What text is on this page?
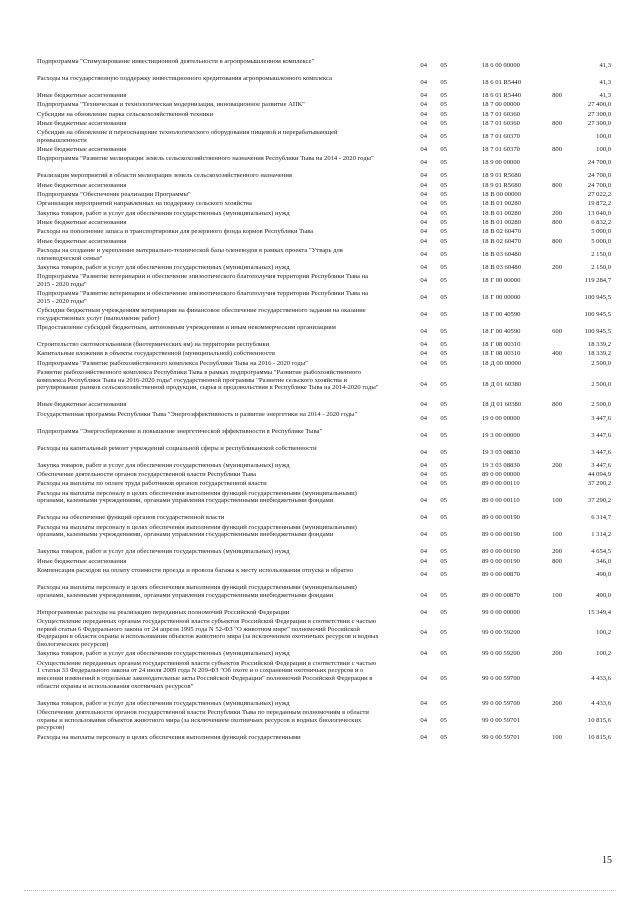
Подпрограмма "Стимулирование инвестиционной деятельности в агропромышленном комплексе"
04	05	18 6 00 00000	41,3
Расходы на государственную поддержку инвестиционного кредитования агропромышленного комплекса
04	05	18 6 01 R5440	41,3
Иные бюджетные ассигнования	04	05	18 6 01 R5440	800	41,3
Подпрограмма "Техническая и технологическая модернизация, инновационное развитие АПК"	04	05	18 7 00 00000	27 400,0
Субсидии на обновление парка сельскохозяйственной техники	04	05	18 7 01 60360	27 300,0
Иные бюджетные ассигнования	04	05	18 7 01 60360	800	27 300,0
Субсидии на обновление и переоснащение технологического оборудования пищевой и перерабатывающей промышленности
04	05	18 7 01 60370	100,0
Иные бюджетные ассигнования	04	05	18 7 01 60370	800	100,0
Подпрограмма "Развитие мелиорации земель сельскохозяйственного назначения Республики Тыва на 2014 - 2020 годы"
04	05	18 9 00 00000	24 700,0
Реализация мероприятий в области мелиорации земель сельскохозяйственного назначения	04	05	18 9 01 R5680	24 700,0
Иные бюджетные ассигнования	04	05	18 9 01 R5680	800	24 700,0
Подпрограмма "Обеспечение реализации Программы"	04	05	18 В 00 00000	27 022,2
Организация мероприятий направленных на поддержку сельского хозяйства	04	05	18 В 01 00280	19 872,2
Закупка товаров, работ и услуг для обеспечения государственных (муниципальных) нужд	04	05	18 В 01 00280	200	13 040,0
Иные бюджетные ассигнования	04	05	18 В 01 00280	800	6 832,2
Расходы на пополнение запаса и транспортировки для резервного фонда кормов Республики Тыва	04	05	18 В 02 60470	5 000,0
Иные бюджетные ассигнования	04	05	18 В 02 60470	800	5 000,0
Расходы на создание и укрепление материально-технической базы оленеводов в рамках проекта "Утварь для оленеводческой семьи"
04	05	18 В 03 60480	2 150,0
Закупка товаров, работ и услуг для обеспечения государственных (муниципальных) нужд	04	05	18 В 03 60480	200	2 150,0
Подпрограмма "Развитие ветеринарии и обеспечение эпизоотического благополучия территории Республики Тыва на 2015 - 2020 годы"
04	05	18 Г 00 00000	119 284,7
Подпрограмма "Развитие ветеринарии и обеспечение эпизоотического благополучия территории Республики Тыва на 2015 - 2020 годы"
04	05	18 Г 00 00000	100 945,5
Субсидии бюджетным учреждениям ветеринарии на финансовое обеспечение государственного задания на оказание государственных услуг (выполнение работ)
04	05	18 Г 00 40590	100 945,5
Предоставление субсидий бюджетным, автономным учреждениям и иным некоммерческим организациям
04	05	18 Г 00 40590	600	100 945,5
Строительство скотомогильников (биотермических ям) на территории республики	04	05	18 Г 08 00310	18 339,2
Капитальные вложения в объекты государственной (муниципальной) собственности	04	05	18 Г 08 00310	400	18 339,2
Подпрограмма "Развитие рыбохозяйственного комплекса Республики Тыва на 2016 - 2020 годы"	04	05	18 Д 00 00000	2 500,0
Развитие рыбохозяйственного комплекса Республики Тыва в рамках подпрограммы "Развитие рыбохозяйственного комплекса Республики Тыва на 2016-2020 годы" государственной программы "Развитие сельского хозяйства и регулирование рынков сельскохозяйственной продукции, сырья и продовольствия в Республике Тыва на 2014-2020 годы"
04	05	18 Д 01 60380	2 500,0
Иные бюджетные ассигнования	04	05	18 Д 01 60380	800	2 500,0
Государственная программа Республики Тыва "Энергоэффективность и развитие энергетики на 2014 - 2020 годы"
04	05	19 0 00 00000	3 447,6
Подпрограмма "Энергосбережение и повышение энергетической эффективности в Республике Тыва"
04	05	19 3 00 00000	3 447,6
Расходы на капитальный ремонт учреждений социальной сферы и республиканской собственности
04	05	19 3 03 08830	3 447,6
Закупка товаров, работ и услуг для обеспечения государственных (муниципальных) нужд	04	05	19 3 03 08830	200	3 447,6
Обеспечение деятельности органов государственной власти Республики Тыва	04	05	89 0 00 00000	44 094,9
Расходы на выплаты по оплате труда работников органов государственной власти	04	05	89 0 00 00110	37 290,2
Расходы на выплаты персоналу в целях обеспечения выполнения функций государственными (муниципальными) органами, казенными учреждениями, органами управления государственными внебюджетными фондами	04	05	89 0 00 00110	100	37 290,2
Расходы на обеспечение функций органов государственной власти	04	05	89 0 00 00190	6 314,7
Расходы на выплаты персоналу в целях обеспечения выполнения функций государственными (муниципальными) органами, казенными учреждениями, органами управления государственными внебюджетными фондами	04	05	89 0 00 00190	100	1 314,2
Закупка товаров, работ и услуг для обеспечения государственных (муниципальных) нужд	04	05	89 0 00 00190	200	4 654,5
Иные бюджетные ассигнования	04	05	89 0 00 00190	800	346,0
Компенсация расходов на оплату стоимости проезда и провоза багажа к месту использования отпуска и обратно
04	05	89 0 00 00870	490,0
Расходы на выплаты персоналу в целях обеспечения выполнения функций государственными (муниципальными) органами, казенными учреждениями, органами управления государственными внебюджетными фондами	04	05	89 0 00 00870	100	490,0
Непрограммные расходы на реализацию переданных полномочий Российской Федерации	04	05	99 0 00 00000	15 349,4
Осуществление переданных органам государственной власти субъектов Российской Федерации в соответствии с частью первой статьи 6 Федерального закона от 24 апреля 1995 года N 52-ФЗ "О животном мире" полномочий Российской Федерации в области охраны и использования объектов животного мира (за исключением охотничьих ресурсов и водных биологических ресурсов)
04	05	99 0 00 59200	100,2
Закупка товаров, работ и услуг для обеспечения государственных (муниципальных) нужд	04	05	99 0 00 59200	200	100,2
Осуществление переданных органам государственной власти субъектов Российской Федерации в соответствии с частью 1 статьи 33 Федерального закона от 24 июля 2009 года N 209-ФЗ "Об охоте и о сохранении охотничьих ресурсов и о внесении изменений в отдельные законодательные акты Российской Федерации" полномочий Российской Федерации в области охраны и использования охотничьих ресурсов"
04	05	99 0 00 59700	4 433,6
Закупка товаров, работ и услуг для обеспечения государственных (муниципальных) нужд	04	05	99 0 00 59700	200	4 433,6
Обеспечение деятельности органов государственной власти Республики Тыва по переданным полномочиям в области охраны и использования объектов животного мира (за исключением охотничьих ресурсов и водных биологических ресурсов)
04	05	99 0 00 59701	10 815,6
Расходы на выплаты персоналу в целях обеспечения выполнения функций государственными	04	05	99 0 00 59701	100	10 815,6
15
